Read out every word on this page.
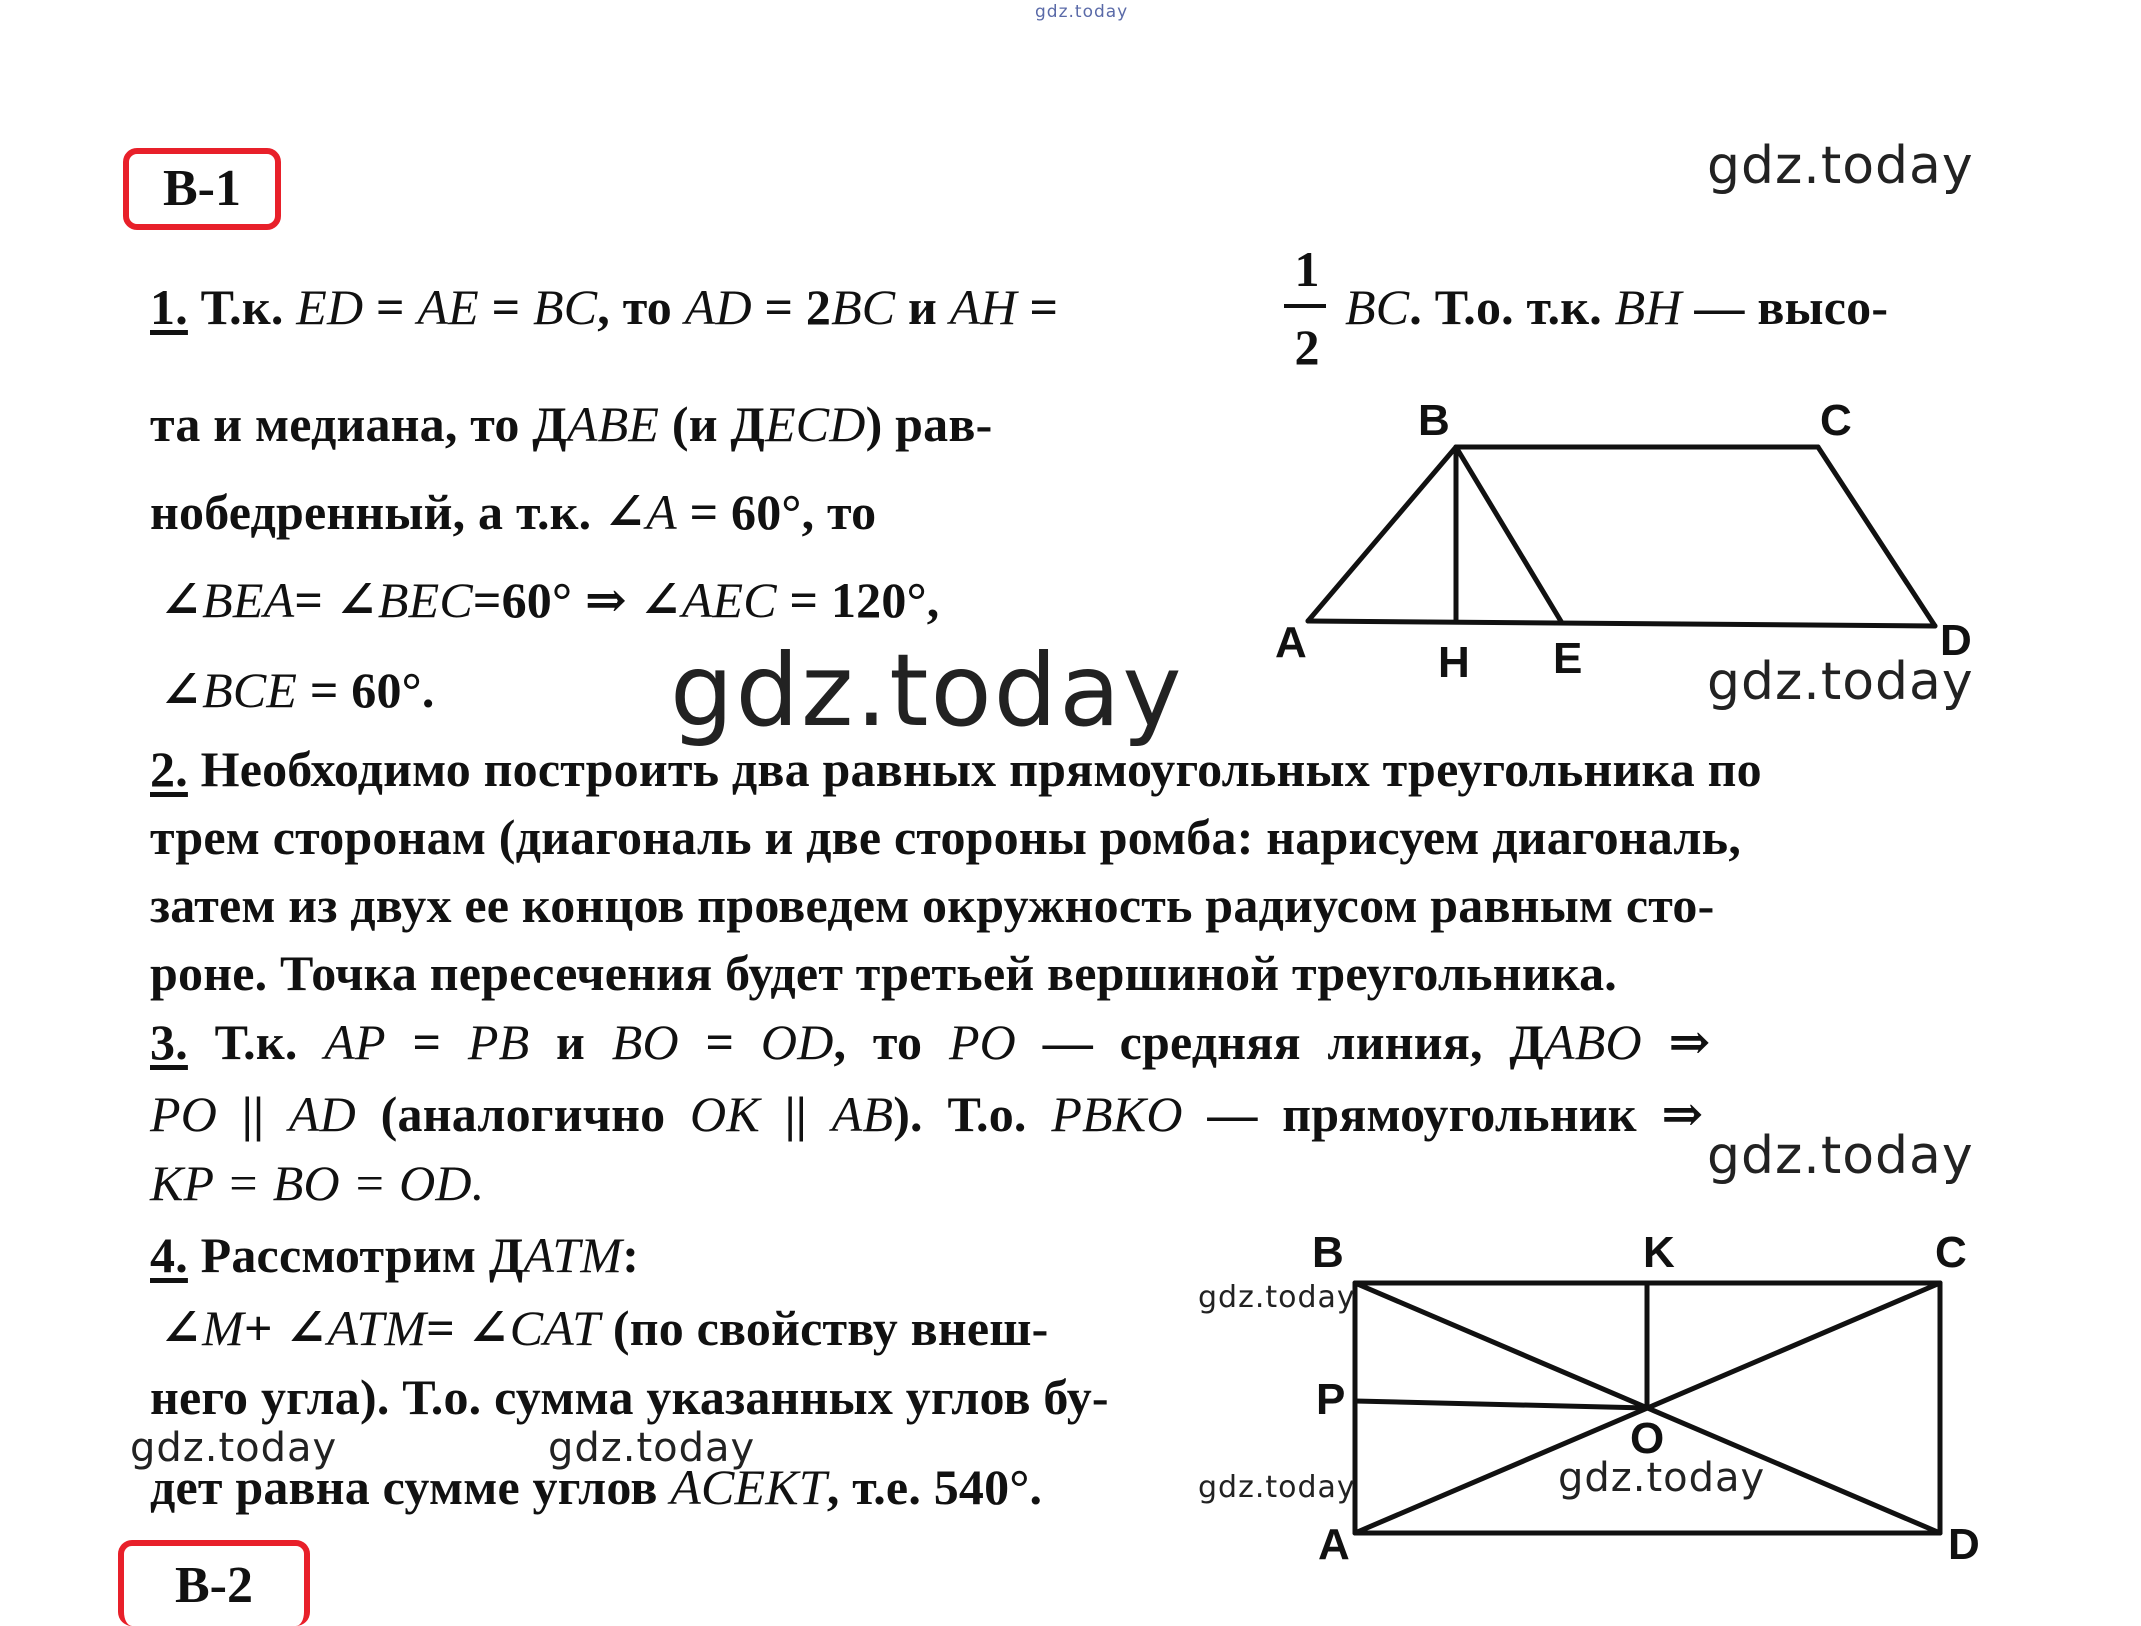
gdz.today
B-1	gdz.today
1. Т.к. ED = AE = BC, то AD = 2BC и AH =
1
2
BC. Т.о. т.к. BH — высо-
та и медиана, то ДABE (и ДECD) рав-
нобедренный, а т.к. ∠A = 60°, то
∠BEA= ∠BEC=60° ⇒ ∠AEC = 120°,
∠BCE = 60°. gdz.today	gdz.today
B	C
A	H E	D
2. Необходимо построить два равных прямоугольных треугольника по
трем сторонам (диагональ и две стороны ромба: нарисуем диагональ,
затем из двух ее концов проведем окружность радиусом равным сто-
роне. Точка пересечения будет третьей вершиной треугольника.
3. Т.к. AP = PB и BO = OD, то PO — средняя линия, ДABO ⇒
PO || AD (аналогично OK || AB). Т.о. PBKO — прямоугольник ⇒
KP = BO = OD.	gdz.today
4. Рассмотрим ДATM:
∠M+ ∠ATM= ∠CAT (по свойству внеш-
него угла). Т.о. сумма указанных углов бу-
дет равна сумме углов ACEKT, т.е. 540°.
gdz.today
gdz.today	gdz.today
gdz.today	gdz.today
B	K	C
P
O
A	D
B-2
